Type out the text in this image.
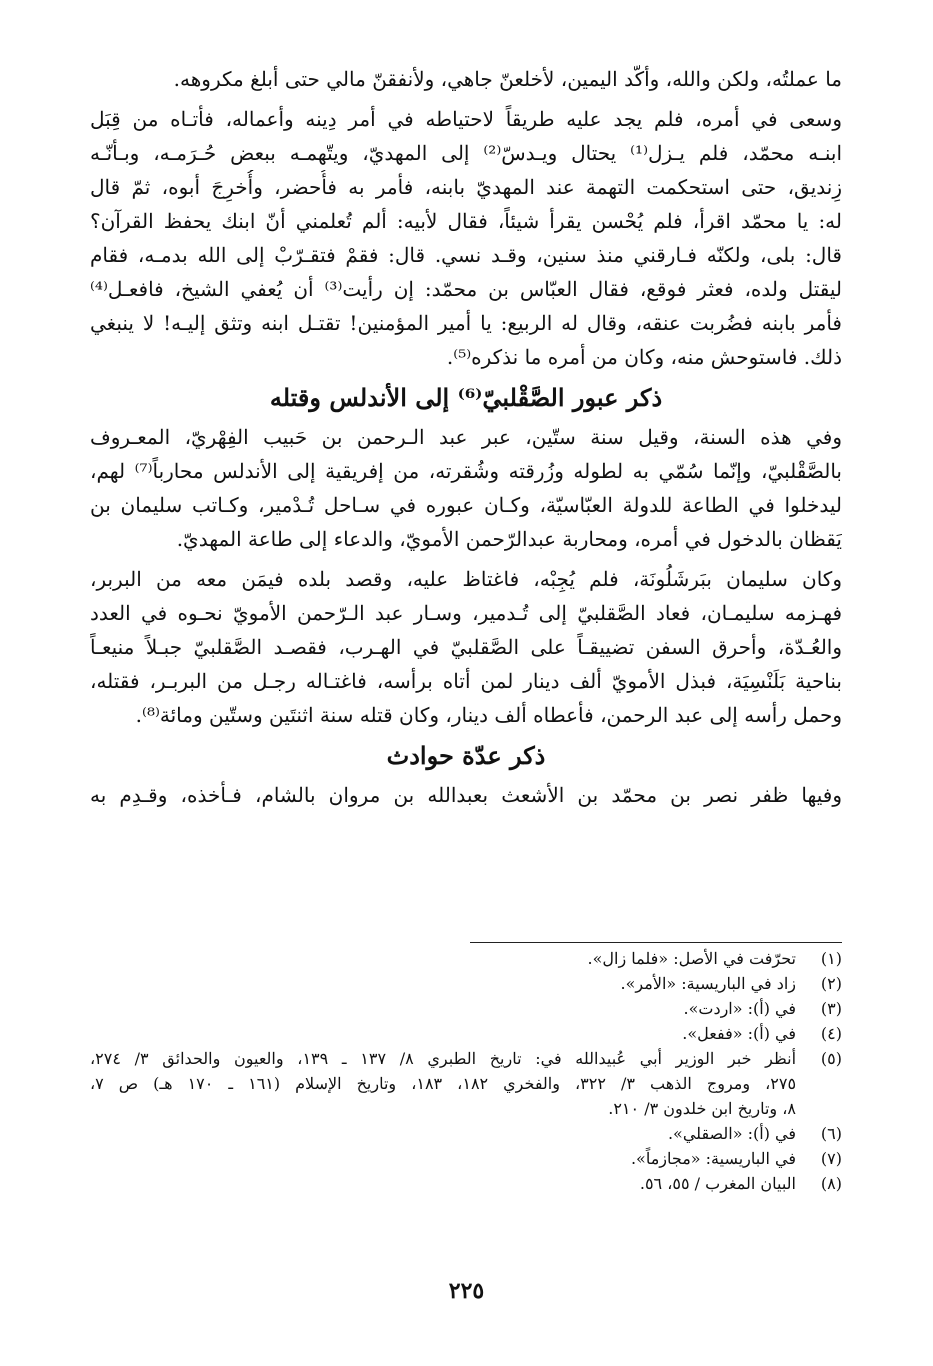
ما عملتُه، ولكن والله، وأكّد اليمين، لأخلعنّ جاهي، ولأنفقنّ مالي حتى أبلغ مكروهه.
وسعى في أمره، فلم يجد عليه طريقاً لاحتياطه في أمر دِينه وأعماله، فأتـاه من قِبَل
ابنـه محمّد، فلم يـزل⁽¹⁾ يحتال ويـدسّ⁽²⁾ إلى المهديّ، ويتّهمـه ببعض حُـرَمـه، وبـأنّـه
زِنديق، حتى استحكمت التهمة عند المهديّ بابنه، فأمر به فأُحضر، وأُخرِجَ أبوه، ثمّ قال
له: يا محمّد اقرأ، فلم يُحْسن يقرأ شيئاً، فقال لأبيه: ألم تُعلمني أنّ ابنك يحفظ القرآن؟
قال: بلى، ولكنّه فـارقني منذ سنين، وقـد نسي. قال: فقمْ فتقـرّبْ إلى الله بدمـه، فقام
ليقتل ولده، فعثر فوقع، فقال العبّاس بن محمّد: إن رأيت⁽³⁾ أن يُعفي الشيخ، فافعـل⁽⁴⁾
فأمر بابنه فضُربت عنقه، وقال له الربيع: يا أمير المؤمنين! تقتـل ابنه وتثق إليـه! لا ينبغي
ذلك. فاستوحش منه، وكان من أمره ما نذكره⁽⁵⁾.
ذكر عبور الصَّقْلبيّ⁽⁶⁾ إلى الأندلس وقتله
وفي هذه السنة، وقيل سنة ستّين، عبر عبد الـرحمن بن حَبيب الفِهْريّ، المعـروف
بالصَّقْلبيّ، وإنّما سُمّي به لطوله وزُرقته وشُقرته، من إفريقية إلى الأندلس محارباً⁽⁷⁾ لهم،
ليدخلوا في الطاعة للدولة العبّاسيّة، وكـان عبوره في سـاحل تُـدْمير، وكـاتب سليمان بن
يَقظان بالدخول في أمره، ومحاربة عبدالرّحمن الأمويّ، والدعاء إلى طاعة المهديّ.
وكان سليمان ببَرشَلُونَة، فلم يُجِبْه، فاغتاظ عليه، وقصد بلده فيمَن معه من البربر،
فهـزمه سليمـان، فعاد الصَّقلبيّ إلى تُـدمير، وسـار عبد الـرّحمن الأمويّ نحـوه في العدد
والعُـدّة، وأحرق السفن تضييقـاً على الصَّقلبيّ في الهـرب، فقصـد الصَّقلبيّ جبـلاً منيعـاً
بناحية بَلَنْسِيَة، فبذل الأمويّ ألف دينار لمن أتاه برأسه، فاغتـاله رجـل من البربـر، فقتله،
وحمل رأسه إلى عبد الرحمن، فأعطاه ألف دينار، وكان قتله سنة اثنتَين وستّين ومائة⁽⁸⁾.
ذكر عدّة حوادث
وفيها ظفر نصر بن محمّد بن الأشعث بعبدالله بن مروان بالشام، فـأخذه، وقـدِم به
(١)
تحرّفت في الأصل: «فلما زال».
(٢)
زاد في الباريسية: «الأمر».
(٣)
في (أ): «اردت».
(٤)
في (أ): «ففعل».
(٥)
أنظر خبر الوزير أبي عُبيدالله في: تاريخ الطبري ٨/ ١٣٧ ـ ١٣٩، والعيون والحدائق ٣/ ٢٧٤،
٢٧٥، ومروج الذهب ٣/ ٣٢٢، والفخري ١٨٢، ١٨٣، وتاريخ الإسلام (١٦١ ـ ١٧٠ هـ) ص ٧،
٨، وتاريخ ابن خلدون ٣/ ٢١٠.
(٦)
في (أ): «الصقلي».
(٧)
في الباريسية: «مجازماً».
(٨)
البيان المغرب / ٥٥، ٥٦.
٢٢٥
